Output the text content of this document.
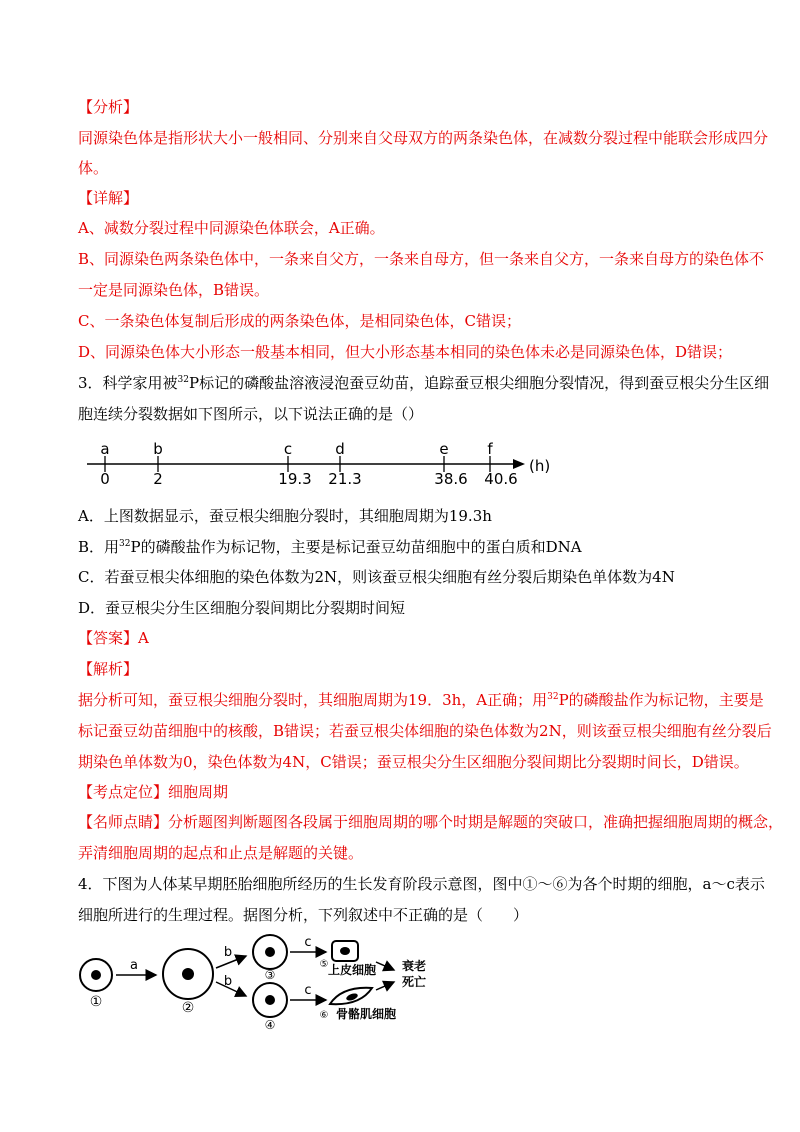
【分析】
同源染色体是指形状大小一般相同、分别来自父母双方的两条染色体，在减数分裂过程中能联会形成四分
体。
【详解】
A、减数分裂过程中同源染色体联会，A正确。
B、同源染色两条染色体中，一条来自父方，一条来自母方，但一条来自父方，一条来自母方的染色体不
一定是同源染色体，B错误。
C、一条染色体复制后形成的两条染色体，是相同染色体，C错误；
D、同源染色体大小形态一般基本相同，但大小形态基本相同的染色体未必是同源染色体，D错误；
3．科学家用被$^{32}$P标记的磷酸盐溶液浸泡蚕豆幼苗，追踪蚕豆根尖细胞分裂情况，得到蚕豆根尖分生区细
胞连续分裂数据如下图所示，以下说法正确的是（）
a
0
b
2
c
19.3
d
21.3
e
38.6
f
40.6
(h)
A．上图数据显示，蚕豆根尖细胞分裂时，其细胞周期为19.3h
B．用$^{32}$P的磷酸盐作为标记物，主要是标记蚕豆幼苗细胞中的蛋白质和DNA
C．若蚕豆根尖体细胞的染色体数为2N，则该蚕豆根尖细胞有丝分裂后期染色单体数为4N
D．蚕豆根尖分生区细胞分裂间期比分裂期时间短
【答案】A
【解析】
据分析可知，蚕豆根尖细胞分裂时，其细胞周期为19．3h，A正确；用$^{32}$P的磷酸盐作为标记物，主要是
标记蚕豆幼苗细胞中的核酸，B错误；若蚕豆根尖体细胞的染色体数为2N，则该蚕豆根尖细胞有丝分裂后
期染色单体数为0，染色体数为4N，C错误；蚕豆根尖分生区细胞分裂间期比分裂期时间长，D错误。
【考点定位】细胞周期
【名师点睛】分析题图判断题图各段属于细胞周期的哪个时期是解题的突破口，准确把握细胞周期的概念，
弄清细胞周期的起点和止点是解题的关键。
4．下图为人体某早期胚胎细胞所经历的生长发育阶段示意图，图中①～⑥为各个时期的细胞，a～c表示
细胞所进行的生理过程。据图分析，下列叙述中不正确的是（　　）
①
a
②
b
b	③
④
c
c
⑤ 上皮细胞
⑥ 骨骼肌细胞
衰老
死亡
